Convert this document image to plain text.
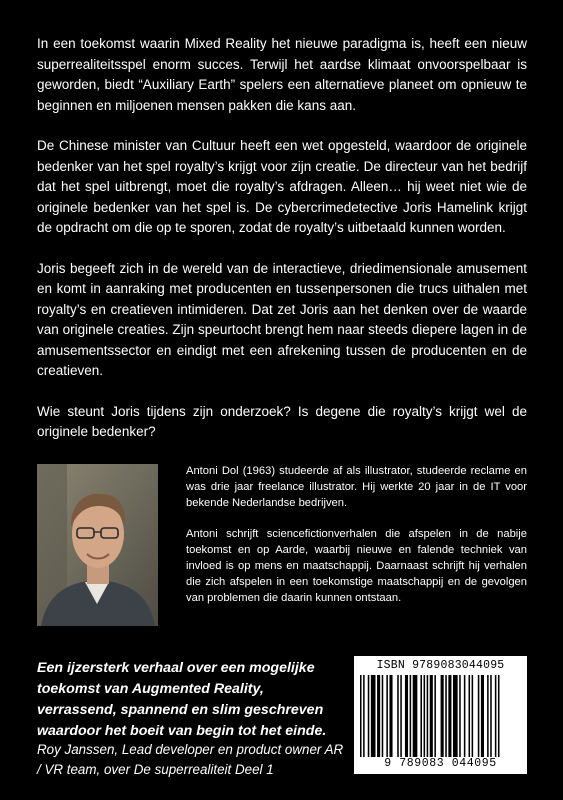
In een toekomst waarin Mixed Reality het nieuwe paradigma is, heeft een nieuw superrealiteitsspel enorm succes. Terwijl het aardse klimaat onvoorspelbaar is geworden, biedt “Auxiliary Earth” spelers een alternatieve planeet om opnieuw te beginnen en miljoenen mensen pakken die kans aan.

De Chinese minister van Cultuur heeft een wet opgesteld, waardoor de originele bedenker van het spel royalty’s krijgt voor zijn creatie. De directeur van het bedrijf dat het spel uitbrengt, moet die royalty’s afdragen. Alleen… hij weet niet wie de originele bedenker van het spel is. De cybercrimedetective Joris Hamelink krijgt de opdracht om die op te sporen, zodat de royalty’s uitbetaald kunnen worden.

Joris begeeft zich in de wereld van de interactieve, driedimensionale amusement en komt in aanraking met producenten en tussenpersonen die trucs uithalen met royalty’s en creatieven intimideren. Dat zet Joris aan het denken over de waarde van originele creaties. Zijn speurtocht brengt hem naar steeds diepere lagen in de amusementssector en eindigt met een afrekening tussen de producenten en de creatieven.

Wie steunt Joris tijdens zijn onderzoek? Is degene die royalty’s krijgt wel de originele bedenker?

Antoni Dol (1963) studeerde af als illustrator, studeerde reclame en was drie jaar freelance illustrator. Hij werkte 20 jaar in de IT voor bekende Nederlandse bedrijven.

Antoni schrijft sciencefictionverhalen die afspelen in de nabije toekomst en op Aarde, waarbij nieuwe en falende techniek van invloed is op mens en maatschappij. Daarnaast schrijft hij verhalen die zich afspelen in een toekomstige maatschappij en de gevolgen van problemen die daarin kunnen ontstaan.

Een ijzersterk verhaal over een mogelijke toekomst van Augmented Reality, verrassend, spannend en slim geschreven waardoor het boeit van begin tot het einde.

Roy Janssen, Lead developer en product owner AR / VR team, over De superrealiteit Deel 1

ISBN 9789083044095
9 789083 044095
